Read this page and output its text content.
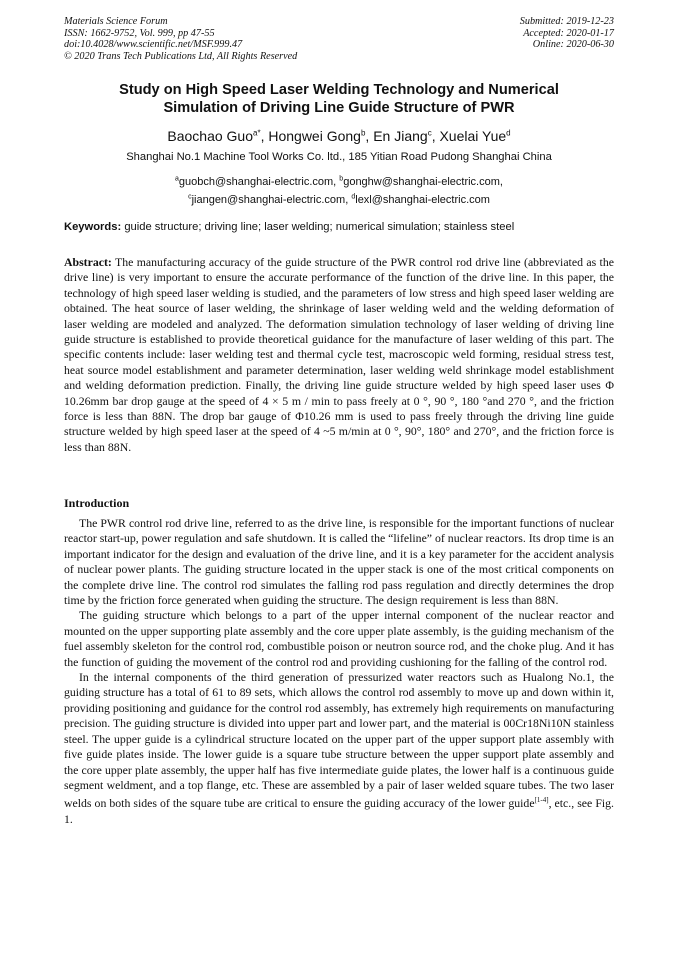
Materials Science Forum
ISSN: 1662-9752, Vol. 999, pp 47-55
doi:10.4028/www.scientific.net/MSF.999.47
© 2020 Trans Tech Publications Ltd, All Rights Reserved
Submitted: 2019-12-23
Accepted: 2020-01-17
Online: 2020-06-30
Study on High Speed Laser Welding Technology and Numerical
Simulation of Driving Line Guide Structure of PWR
Baochao Guo$^{a*}$, Hongwei Gong$^b$, En Jiang$^c$, Xuelai Yue$^d$
Shanghai No.1 Machine Tool Works Co. ltd., 185 Yitian Road Pudong Shanghai China
$^a$guobch@shanghai-electric.com, $^b$gonghw@shanghai-electric.com,
$^c$jiangen@shanghai-electric.com, $^d$lexl@shanghai-electric.com
Keywords: guide structure; driving line; laser welding; numerical simulation; stainless steel
Abstract: The manufacturing accuracy of the guide structure of the PWR control rod drive line (abbreviated as the drive line) is very important to ensure the accurate performance of the function of the drive line. In this paper, the technology of high speed laser welding is studied, and the parameters of low stress and high speed laser welding are obtained. The heat source of laser welding, the shrinkage of laser welding weld and the welding deformation of laser welding are modeled and analyzed. The deformation simulation technology of laser welding of driving line guide structure is established to provide theoretical guidance for the manufacture of laser welding of this part. The specific contents include: laser welding test and thermal cycle test, macroscopic weld forming, residual stress test, heat source model establishment and parameter determination, laser welding weld shrinkage model establishment and welding deformation prediction. Finally, the driving line guide structure welded by high speed laser uses Φ 10.26mm bar drop gauge at the speed of 4 × 5 m / min to pass freely at 0 °, 90 °, 180 °and 270 °, and the friction force is less than 88N. The drop bar gauge of Φ10.26 mm is used to pass freely through the driving line guide structure welded by high speed laser at the speed of 4 ~5 m/min at 0 °, 90°, 180° and 270°, and the friction force is less than 88N.
Introduction

The PWR control rod drive line, referred to as the drive line, is responsible for the important functions of nuclear reactor start-up, power regulation and safe shutdown. It is called the “lifeline” of nuclear reactors. Its drop time is an important indicator for the design and evaluation of the drive line, and it is a key parameter for the accident analysis of nuclear power plants. The guiding structure located in the upper stack is one of the most critical components on the complete drive line. The control rod simulates the falling rod pass regulation and directly determines the drop time by the friction force generated when guiding the structure. The design requirement is less than 88N.

The guiding structure which belongs to a part of the upper internal component of the nuclear reactor and mounted on the upper supporting plate assembly and the core upper plate assembly, is the guiding mechanism of the fuel assembly skeleton for the control rod, combustible poison or neutron source rod, and the choke plug. And it has the function of guiding the movement of the control rod and providing cushioning for the falling of the control rod.

In the internal components of the third generation of pressurized water reactors such as Hualong No.1, the guiding structure has a total of 61 to 89 sets, which allows the control rod assembly to move up and down within it, providing positioning and guidance for the control rod assembly, has extremely high requirements on manufacturing precision. The guiding structure is divided into upper part and lower part, and the material is 00Cr18Ni10N stainless steel. The upper guide is a cylindrical structure located on the upper part of the upper support plate assembly with five guide plates inside. The lower guide is a square tube structure between the upper support plate assembly and the core upper plate assembly, the upper half has five intermediate guide plates, the lower half is a continuous guide segment weldment, and a top flange, etc. These are assembled by a pair of laser welded square tubes. The two laser welds on both sides of the square tube are critical to ensure the guiding accuracy of the lower guide[1-4], etc., see Fig. 1.
